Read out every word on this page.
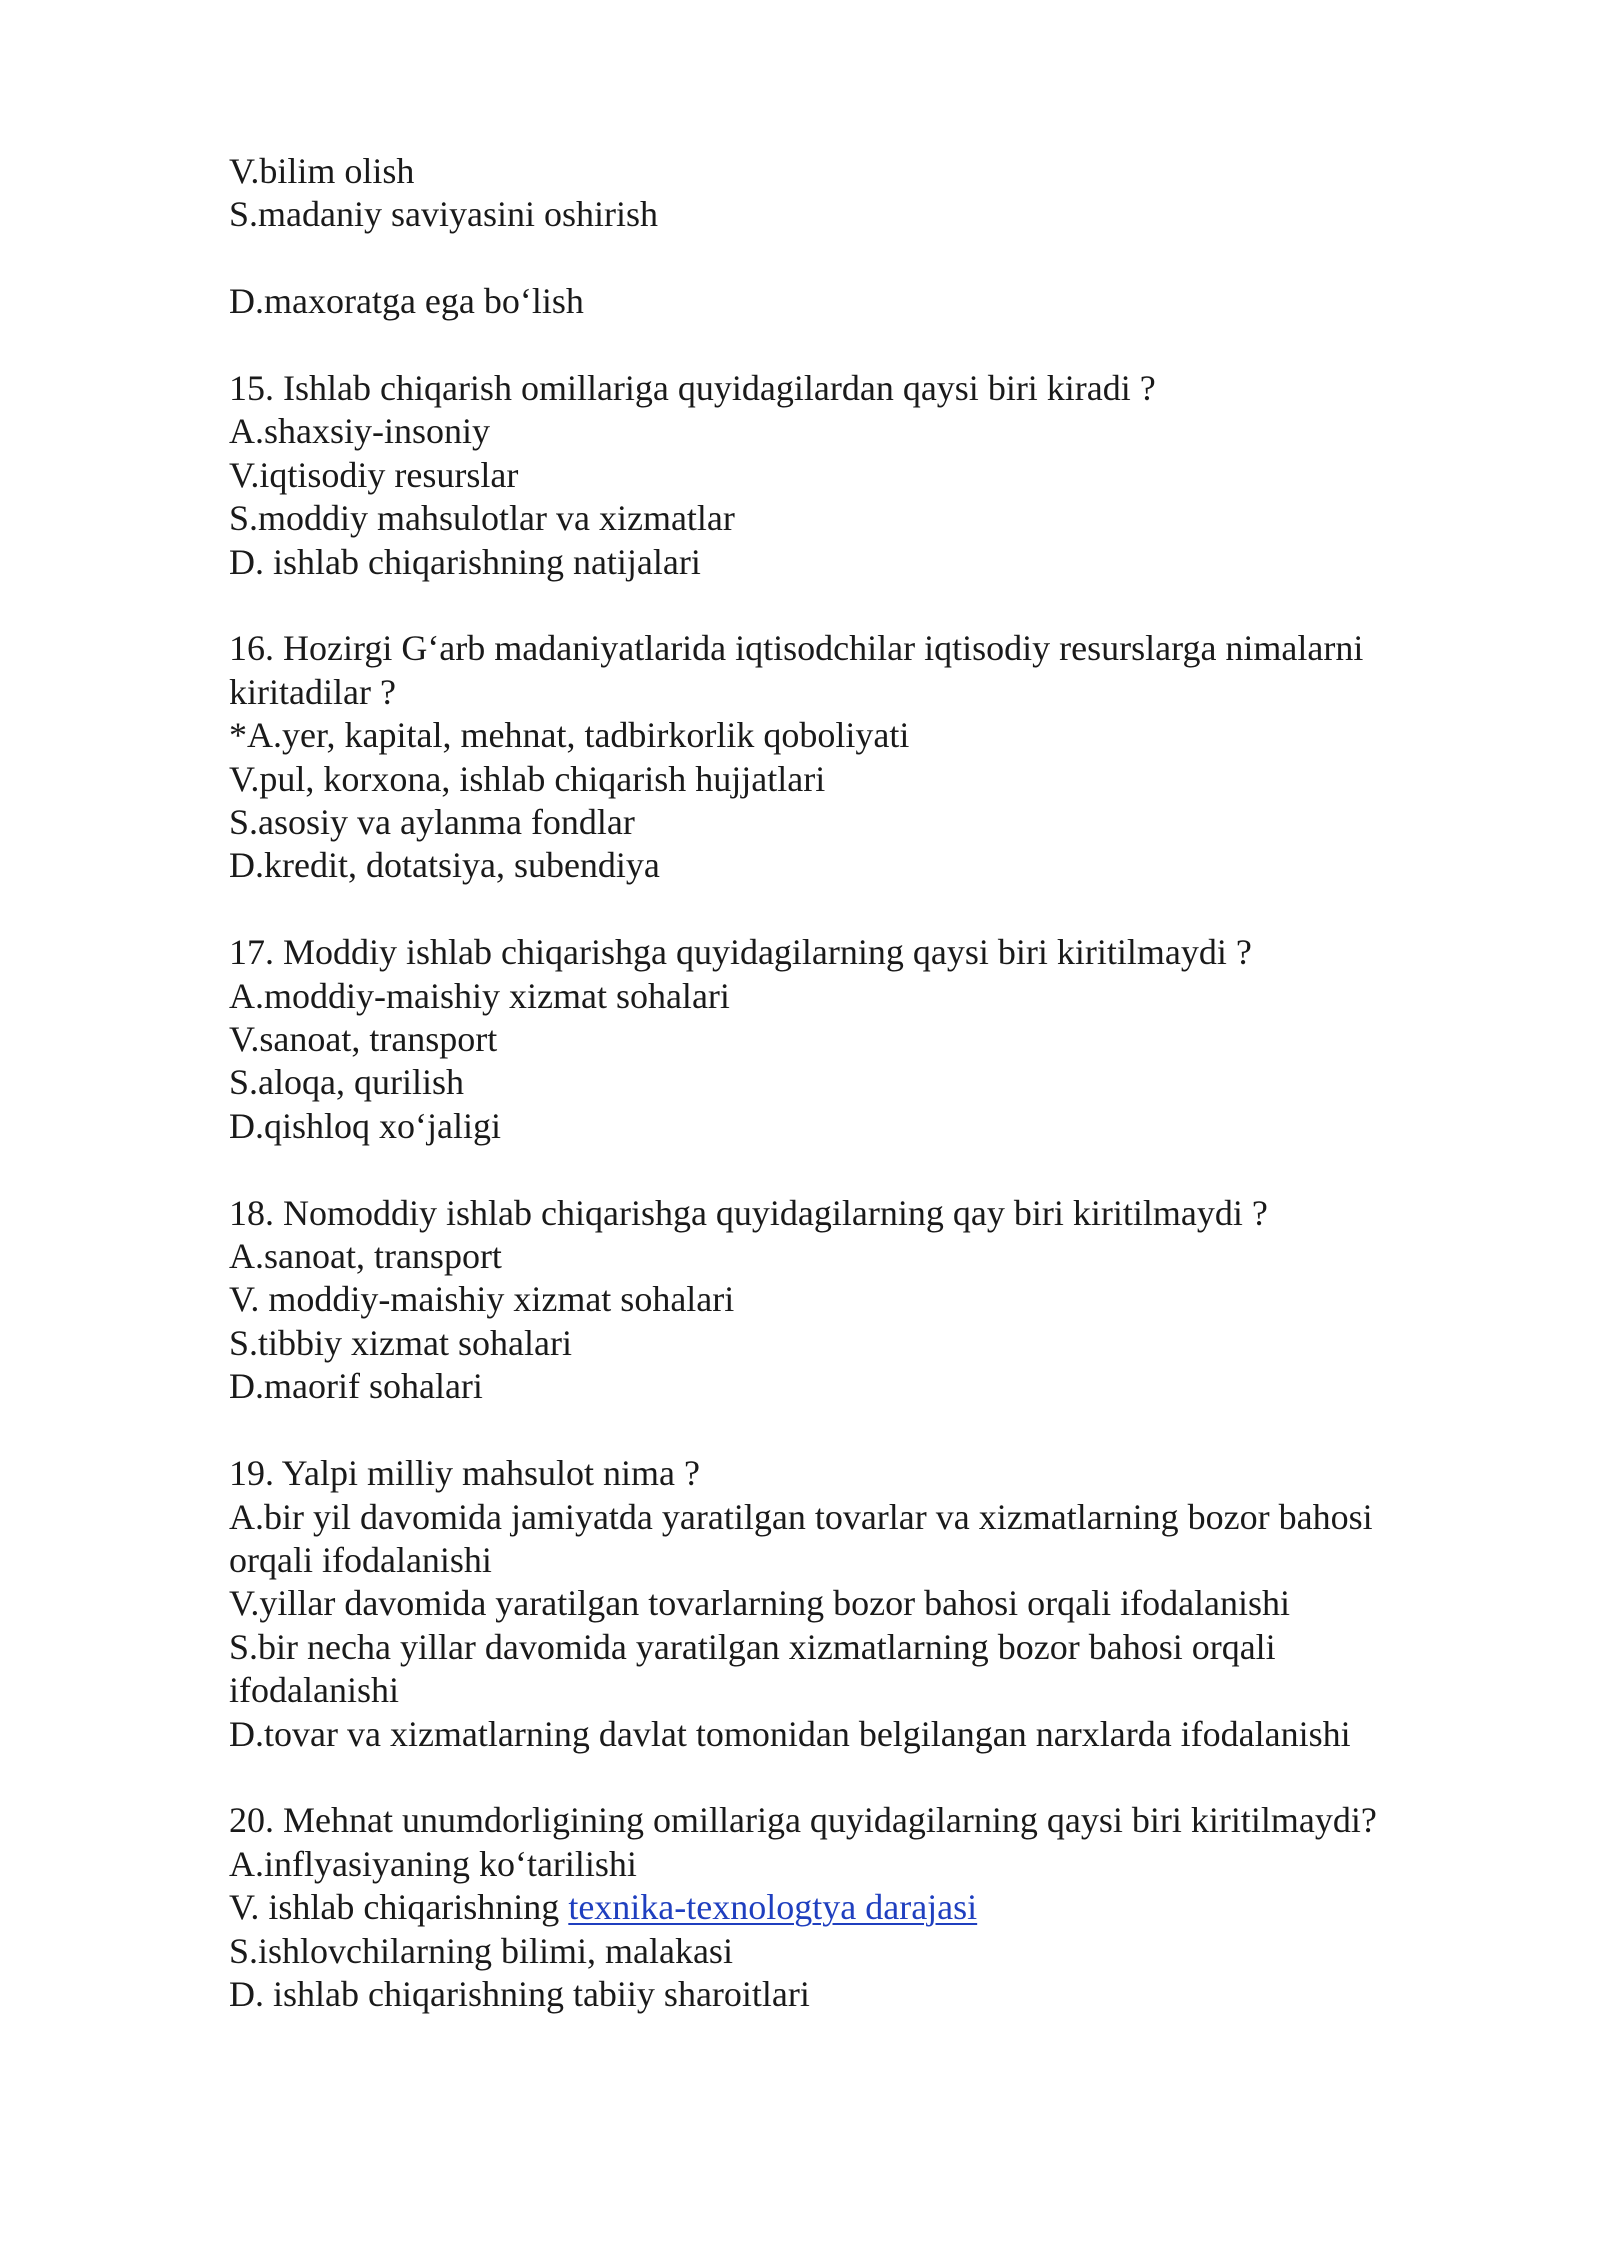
V.bilim olish

S.madaniy saviyasini oshirish

D.maxoratga ega bo‘lish

15. Ishlab chiqarish omillariga quyidagilardan qaysi biri kiradi ?

A.shaxsiy-insoniy

V.iqtisodiy resurslar

S.moddiy mahsulotlar va xizmatlar

D. ishlab chiqarishning natijalari

16. Hozirgi G‘arb madaniyatlarida iqtisodchilar iqtisodiy resurslarga nimalarni

kiritadilar ?

*A.yer, kapital, mehnat, tadbirkorlik qoboliyati

V.pul, korxona, ishlab chiqarish hujjatlari

S.asosiy va aylanma fondlar

D.kredit, dotatsiya, subendiya

17. Moddiy ishlab chiqarishga quyidagilarning qaysi biri kiritilmaydi ?

A.moddiy-maishiy xizmat sohalari

V.sanoat, transport

S.aloqa, qurilish

D.qishloq xo‘jaligi

18. Nomoddiy ishlab chiqarishga quyidagilarning qay biri kiritilmaydi ?

A.sanoat, transport

V. moddiy-maishiy xizmat sohalari

S.tibbiy xizmat sohalari

D.maorif sohalari

19. Yalpi milliy mahsulot nima ?

A.bir yil davomida jamiyatda yaratilgan tovarlar va xizmatlarning bozor bahosi

orqali ifodalanishi

V.yillar davomida yaratilgan tovarlarning bozor bahosi orqali ifodalanishi

S.bir necha yillar davomida yaratilgan xizmatlarning bozor bahosi orqali

ifodalanishi

D.tovar va xizmatlarning davlat tomonidan belgilangan narxlarda ifodalanishi

20. Mehnat unumdorligining omillariga quyidagilarning qaysi biri kiritilmaydi?

A.inflyasiyaning ko‘tarilishi

V. ishlab chiqarishning texnika-texnologtya darajasi

S.ishlovchilarning bilimi, malakasi

D. ishlab chiqarishning tabiiy sharoitlari
